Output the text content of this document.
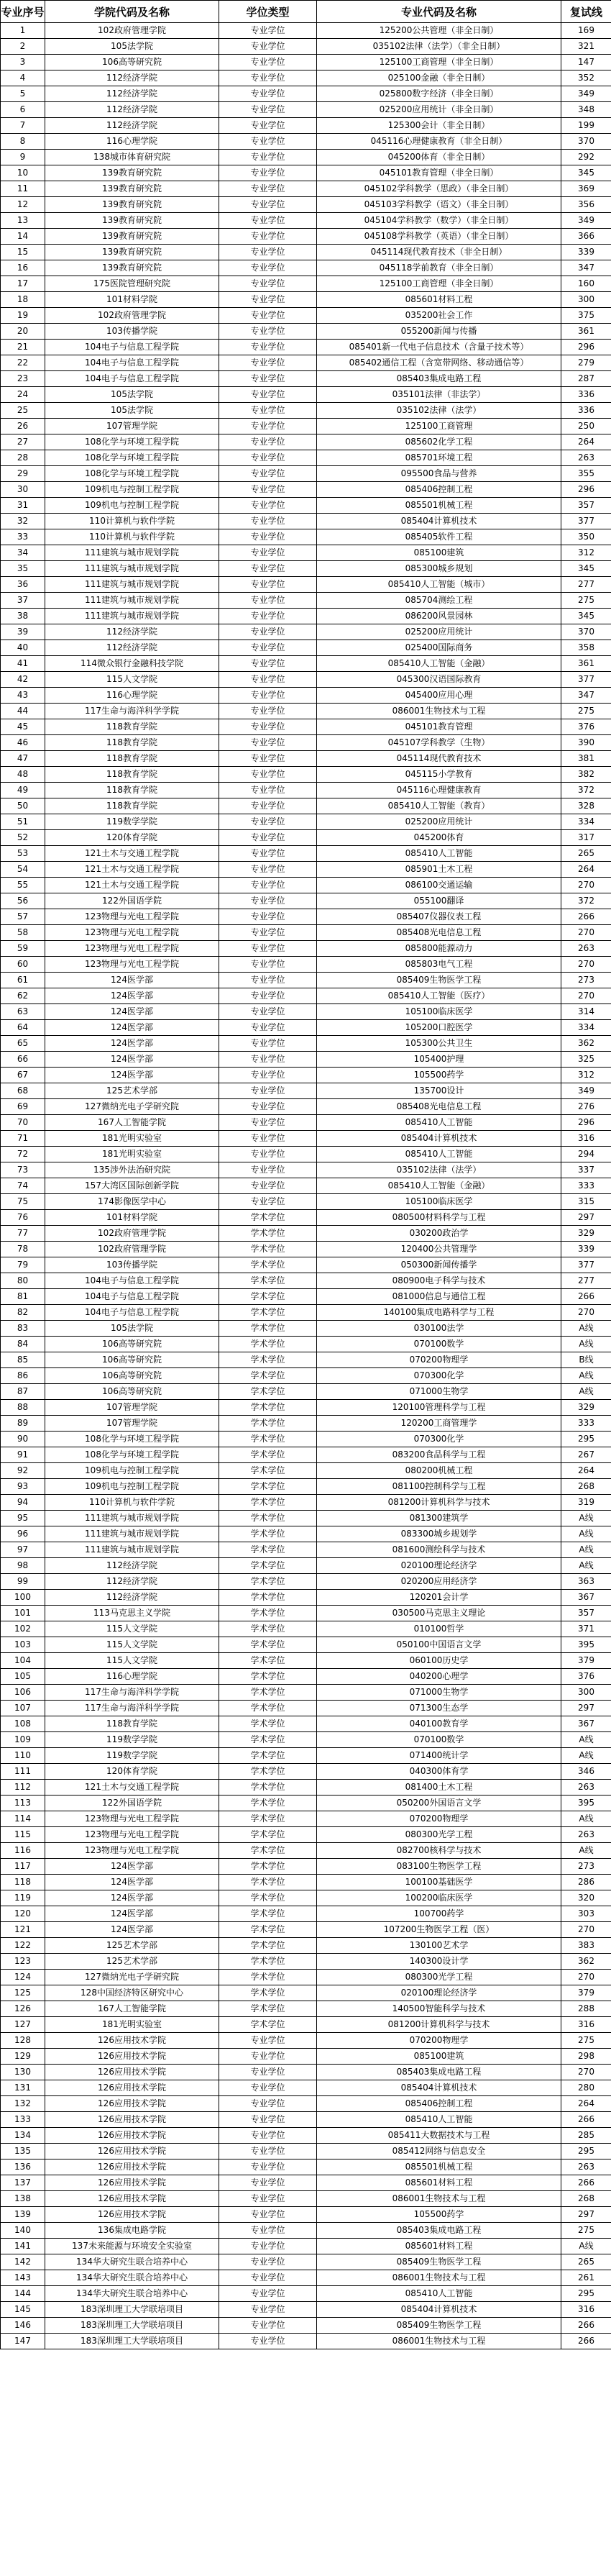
专业序号	学院代码及名称	学位类型	专业代码及名称	复试线
1	102政府管理学院	专业学位	125200公共管理（非全日制）	169
2	105法学院	专业学位	035102法律（法学）（非全日制）	321
3	106高等研究院	专业学位	125100工商管理（非全日制）	147
4	112经济学院	专业学位	025100金融（非全日制）	352
5	112经济学院	专业学位	025800数字经济（非全日制）	349
6	112经济学院	专业学位	025200应用统计（非全日制）	348
7	112经济学院	专业学位	125300会计（非全日制）	199
8	116心理学院	专业学位	045116心理健康教育（非全日制）	370
9	138城市体育研究院	专业学位	045200体育（非全日制）	292
10	139教育研究院	专业学位	045101教育管理（非全日制）	345
11	139教育研究院	专业学位	045102学科教学（思政）（非全日制）	369
12	139教育研究院	专业学位	045103学科教学（语文）（非全日制）	356
13	139教育研究院	专业学位	045104学科教学（数学）（非全日制）	349
14	139教育研究院	专业学位	045108学科教学（英语）（非全日制）	366
15	139教育研究院	专业学位	045114现代教育技术（非全日制）	339
16	139教育研究院	专业学位	045118学前教育（非全日制）	347
17	175医院管理研究院	专业学位	125100工商管理（非全日制）	160
18	101材料学院	专业学位	085601材料工程	300
19	102政府管理学院	专业学位	035200社会工作	375
20	103传播学院	专业学位	055200新闻与传播	361
21	104电子与信息工程学院	专业学位	085401新一代电子信息技术（含量子技术等）	296
22	104电子与信息工程学院	专业学位	085402通信工程（含宽带网络、移动通信等）	279
23	104电子与信息工程学院	专业学位	085403集成电路工程	287
24	105法学院	专业学位	035101法律（非法学）	336
25	105法学院	专业学位	035102法律（法学）	336
26	107管理学院	专业学位	125100工商管理	250
27	108化学与环境工程学院	专业学位	085602化学工程	264
28	108化学与环境工程学院	专业学位	085701环境工程	263
29	108化学与环境工程学院	专业学位	095500食品与营养	355
30	109机电与控制工程学院	专业学位	085406控制工程	296
31	109机电与控制工程学院	专业学位	085501机械工程	357
32	110计算机与软件学院	专业学位	085404计算机技术	377
33	110计算机与软件学院	专业学位	085405软件工程	350
34	111建筑与城市规划学院	专业学位	085100建筑	312
35	111建筑与城市规划学院	专业学位	085300城乡规划	345
36	111建筑与城市规划学院	专业学位	085410人工智能（城市）	277
37	111建筑与城市规划学院	专业学位	085704测绘工程	275
38	111建筑与城市规划学院	专业学位	086200风景园林	345
39	112经济学院	专业学位	025200应用统计	370
40	112经济学院	专业学位	025400国际商务	358
41	114微众银行金融科技学院	专业学位	085410人工智能（金融）	361
42	115人文学院	专业学位	045300汉语国际教育	377
43	116心理学院	专业学位	045400应用心理	347
44	117生命与海洋科学学院	专业学位	086001生物技术与工程	275
45	118教育学院	专业学位	045101教育管理	376
46	118教育学院	专业学位	045107学科教学（生物）	390
47	118教育学院	专业学位	045114现代教育技术	381
48	118教育学院	专业学位	045115小学教育	382
49	118教育学院	专业学位	045116心理健康教育	372
50	118教育学院	专业学位	085410人工智能（教育）	328
51	119数学学院	专业学位	025200应用统计	334
52	120体育学院	专业学位	045200体育	317
53	121土木与交通工程学院	专业学位	085410人工智能	265
54	121土木与交通工程学院	专业学位	085901土木工程	264
55	121土木与交通工程学院	专业学位	086100交通运输	270
56	122外国语学院	专业学位	055100翻译	372
57	123物理与光电工程学院	专业学位	085407仪器仪表工程	266
58	123物理与光电工程学院	专业学位	085408光电信息工程	270
59	123物理与光电工程学院	专业学位	085800能源动力	263
60	123物理与光电工程学院	专业学位	085803电气工程	270
61	124医学部	专业学位	085409生物医学工程	273
62	124医学部	专业学位	085410人工智能（医疗）	270
63	124医学部	专业学位	105100临床医学	314
64	124医学部	专业学位	105200口腔医学	334
65	124医学部	专业学位	105300公共卫生	362
66	124医学部	专业学位	105400护理	325
67	124医学部	专业学位	105500药学	312
68	125艺术学部	专业学位	135700设计	349
69	127微纳光电子学研究院	专业学位	085408光电信息工程	276
70	167人工智能学院	专业学位	085410人工智能	296
71	181光明实验室	专业学位	085404计算机技术	316
72	181光明实验室	专业学位	085410人工智能	294
73	135涉外法治研究院	专业学位	035102法律（法学）	337
74	157大湾区国际创新学院	专业学位	085410人工智能（金融）	333
75	174影像医学中心	专业学位	105100临床医学	315
76	101材料学院	学术学位	080500材料科学与工程	297
77	102政府管理学院	学术学位	030200政治学	329
78	102政府管理学院	学术学位	120400公共管理学	339
79	103传播学院	学术学位	050300新闻传播学	377
80	104电子与信息工程学院	学术学位	080900电子科学与技术	277
81	104电子与信息工程学院	学术学位	081000信息与通信工程	266
82	104电子与信息工程学院	学术学位	140100集成电路科学与工程	270
83	105法学院	学术学位	030100法学	A线
84	106高等研究院	学术学位	070100数学	A线
85	106高等研究院	学术学位	070200物理学	B线
86	106高等研究院	学术学位	070300化学	A线
87	106高等研究院	学术学位	071000生物学	A线
88	107管理学院	学术学位	120100管理科学与工程	329
89	107管理学院	学术学位	120200工商管理学	333
90	108化学与环境工程学院	学术学位	070300化学	295
91	108化学与环境工程学院	学术学位	083200食品科学与工程	267
92	109机电与控制工程学院	学术学位	080200机械工程	264
93	109机电与控制工程学院	学术学位	081100控制科学与工程	268
94	110计算机与软件学院	学术学位	081200计算机科学与技术	319
95	111建筑与城市规划学院	学术学位	081300建筑学	A线
96	111建筑与城市规划学院	学术学位	083300城乡规划学	A线
97	111建筑与城市规划学院	学术学位	081600测绘科学与技术	A线
98	112经济学院	学术学位	020100理论经济学	A线
99	112经济学院	学术学位	020200应用经济学	363
100	112经济学院	学术学位	120201会计学	367
101	113马克思主义学院	学术学位	030500马克思主义理论	357
102	115人文学院	学术学位	010100哲学	371
103	115人文学院	学术学位	050100中国语言文学	395
104	115人文学院	学术学位	060100历史学	379
105	116心理学院	学术学位	040200心理学	376
106	117生命与海洋科学学院	学术学位	071000生物学	300
107	117生命与海洋科学学院	学术学位	071300生态学	297
108	118教育学院	学术学位	040100教育学	367
109	119数学学院	学术学位	070100数学	A线
110	119数学学院	学术学位	071400统计学	A线
111	120体育学院	学术学位	040300体育学	346
112	121土木与交通工程学院	学术学位	081400土木工程	263
113	122外国语学院	学术学位	050200外国语言文学	395
114	123物理与光电工程学院	学术学位	070200物理学	A线
115	123物理与光电工程学院	学术学位	080300光学工程	263
116	123物理与光电工程学院	学术学位	082700核科学与技术	A线
117	124医学部	学术学位	083100生物医学工程	273
118	124医学部	学术学位	100100基础医学	286
119	124医学部	学术学位	100200临床医学	320
120	124医学部	学术学位	100700药学	303
121	124医学部	学术学位	107200生物医学工程（医）	270
122	125艺术学部	学术学位	130100艺术学	383
123	125艺术学部	学术学位	140300设计学	362
124	127微纳光电子学研究院	学术学位	080300光学工程	270
125	128中国经济特区研究中心	学术学位	020100理论经济学	379
126	167人工智能学院	学术学位	140500智能科学与技术	288
127	181光明实验室	学术学位	081200计算机科学与技术	316
128	126应用技术学院	专业学位	070200物理学	275
129	126应用技术学院	专业学位	085100建筑	298
130	126应用技术学院	专业学位	085403集成电路工程	270
131	126应用技术学院	专业学位	085404计算机技术	280
132	126应用技术学院	专业学位	085406控制工程	264
133	126应用技术学院	专业学位	085410人工智能	266
134	126应用技术学院	专业学位	085411大数据技术与工程	285
135	126应用技术学院	专业学位	085412网络与信息安全	295
136	126应用技术学院	专业学位	085501机械工程	263
137	126应用技术学院	专业学位	085601材料工程	266
138	126应用技术学院	专业学位	086001生物技术与工程	268
139	126应用技术学院	专业学位	105500药学	297
140	136集成电路学院	专业学位	085403集成电路工程	275
141	137未来能源与环境安全实验室	专业学位	085601材料工程	A线
142	134华大研究生联合培养中心	专业学位	085409生物医学工程	265
143	134华大研究生联合培养中心	专业学位	086001生物技术与工程	261
144	134华大研究生联合培养中心	专业学位	085410人工智能	295
145	183深圳理工大学联培项目	专业学位	085404计算机技术	316
146	183深圳理工大学联培项目	专业学位	085409生物医学工程	266
147	183深圳理工大学联培项目	专业学位	086001生物技术与工程	266
